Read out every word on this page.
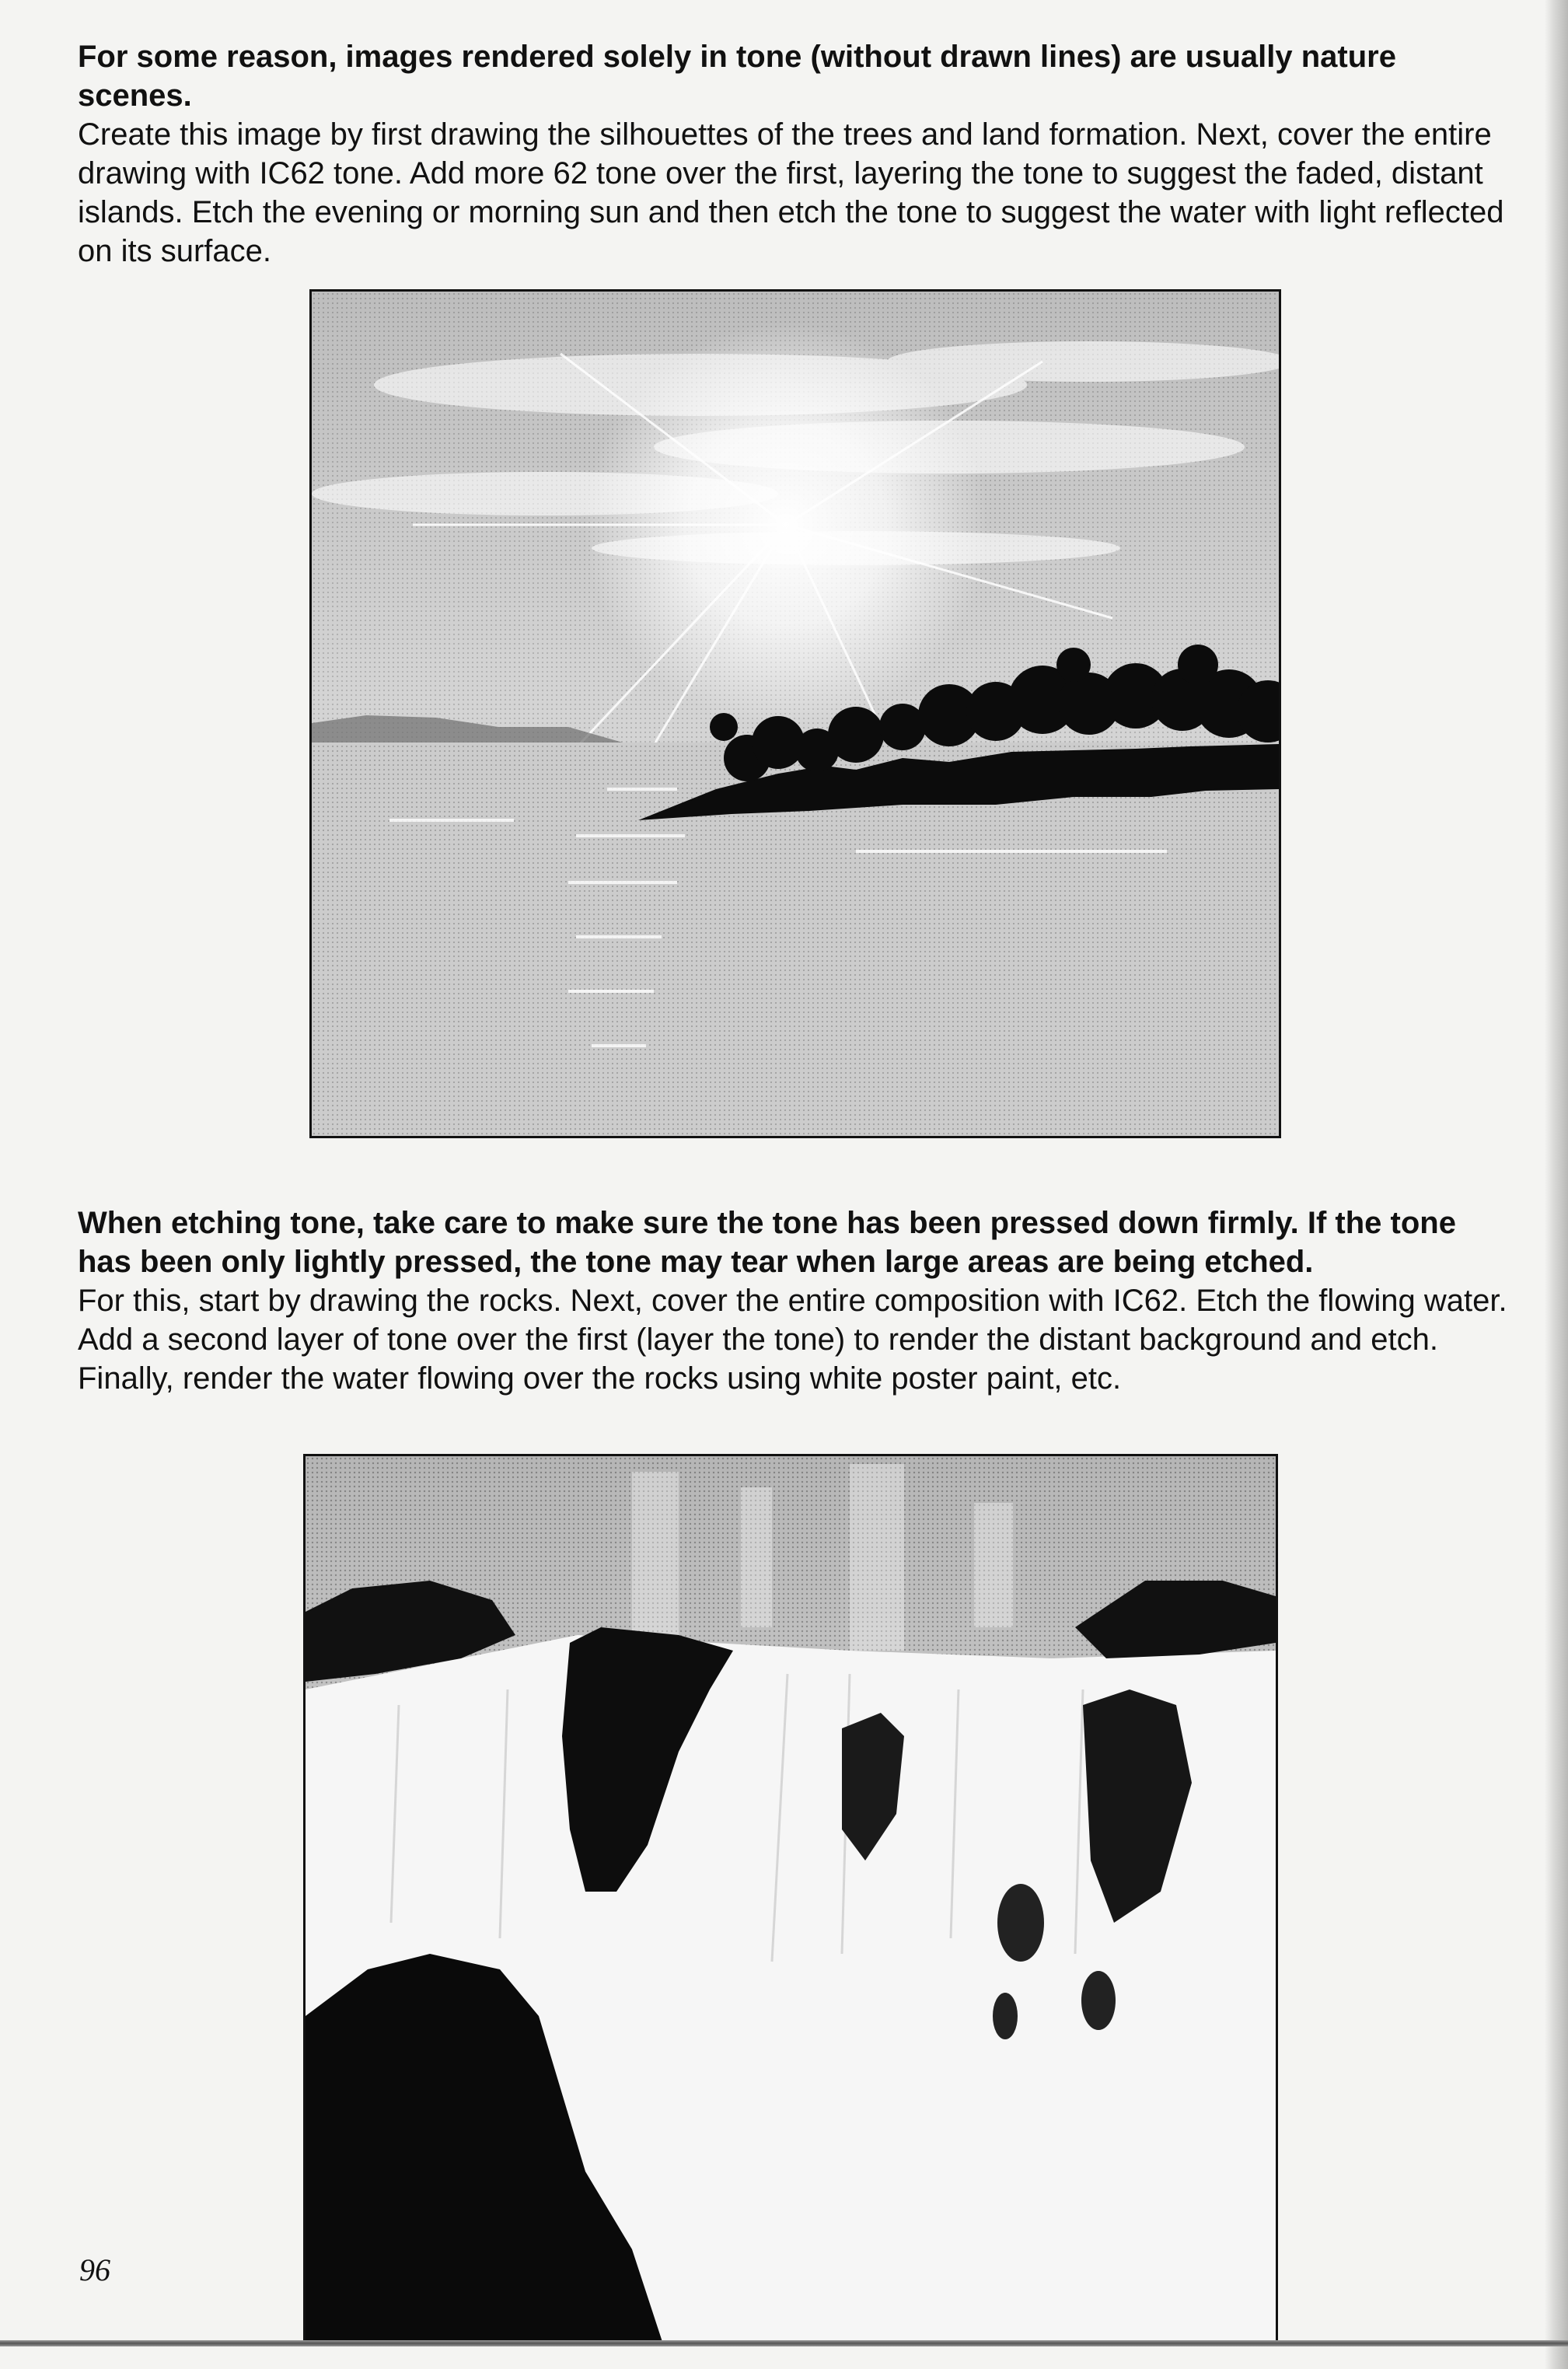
For some reason, images rendered solely in tone (without drawn lines) are usually nature scenes.
Create this image by first drawing the silhouettes of the trees and land formation. Next, cover the entire drawing with IC62 tone. Add more 62 tone over the first, layering the tone to suggest the faded, distant islands. Etch the evening or morning sun and then etch the tone to suggest the water with light reflected on its surface.

When etching tone, take care to make sure the tone has been pressed down firmly. If the tone has been only lightly pressed, the tone may tear when large areas are being etched.
For this, start by drawing the rocks. Next, cover the entire composition with IC62. Etch the flowing water. Add a second layer of tone over the first (layer the tone) to render the distant background and etch. Finally, render the water flowing over the rocks using white poster paint, etc.

96
